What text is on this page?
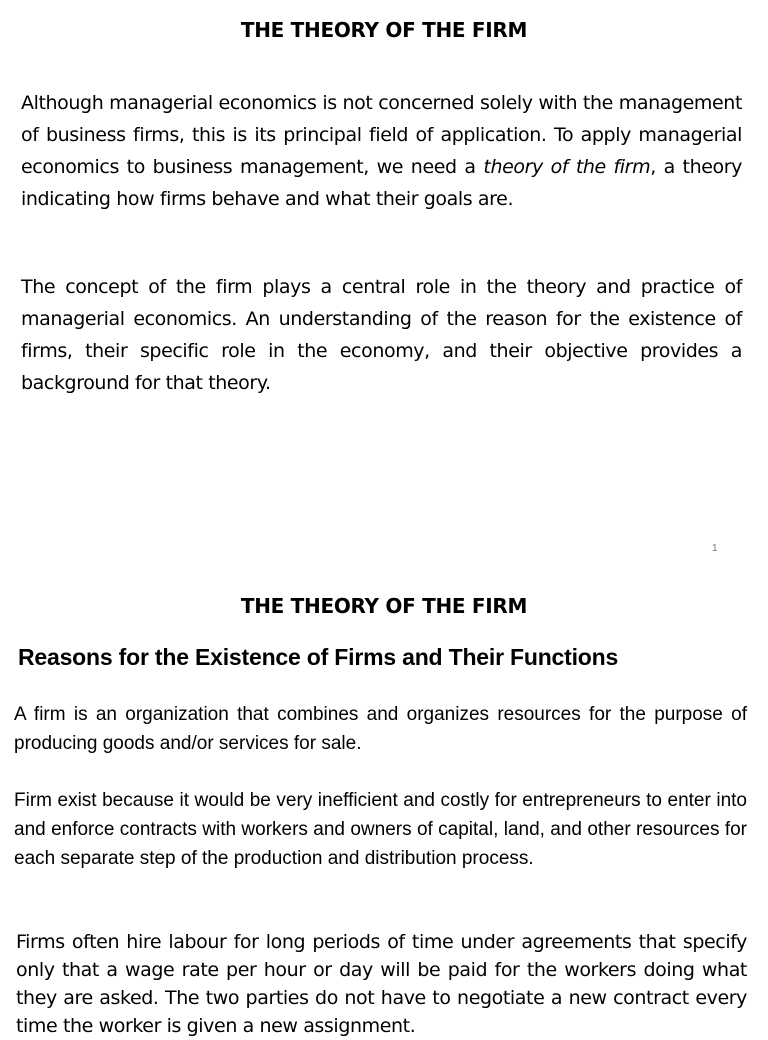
THE THEORY OF THE FIRM

Although managerial economics is not concerned solely with the management of business firms, this is its principal field of application. To apply managerial economics to business management, we need a theory of the firm, a theory indicating how firms behave and what their goals are.

The concept of the firm plays a central role in the theory and practice of managerial economics. An understanding of the reason for the existence of firms, their specific role in the economy, and their objective provides a background for that theory.

1
THE THEORY OF THE FIRM
Reasons for the Existence of Firms and Their Functions

A firm is an organization that combines and organizes resources for the purpose of producing goods and/or services for sale.

Firm exist because it would be very inefficient and costly for entrepreneurs to enter into and enforce contracts with workers and owners of capital, land, and other resources for each separate step of the production and distribution process.

Firms often hire labour for long periods of time under agreements that specify only that a wage rate per hour or day will be paid for the workers doing what they are asked. The two parties do not have to negotiate a new contract every time the worker is given a new assignment.
